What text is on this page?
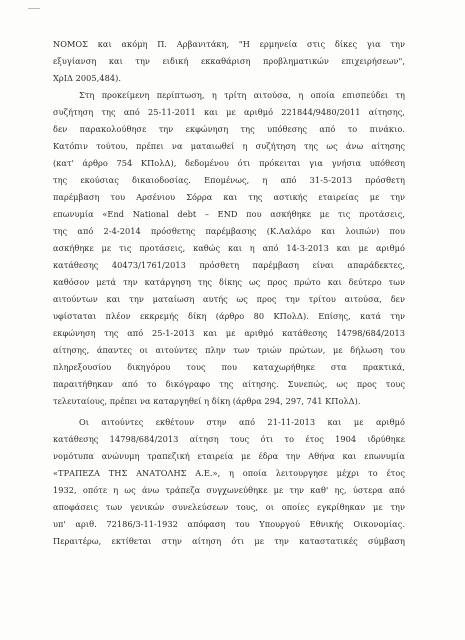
ΝΟΜΟΣ και ακόμη Π. Αρβανιτάκη, "Η ερμηνεία στις δίκες για την
εξυγίανση και την ειδική εκκαθάριση προβληματικών επιχειρήσεων",
ΧρΙΔ 2005,484).
Στη προκείμενη περίπτωση, η τρίτη αιτούσα, η οποία επισπεύδει τη
συζήτηση της από 25-11-2011 και με αριθμό 221844/9480/2011 αίτησης,
δεν παρακολούθησε την εκφώνηση της υπόθεσης από το πινάκιο.
Κατόπιν τούτου, πρέπει να ματαιωθεί η συζήτηση της ως άνω αίτησης
(κατ' άρθρο 754 ΚΠολΔ), δεδομένου ότι πρόκειται για γνήσια υπόθεση
της εκούσιας δικαιοδοσίας. Επομένως, η από 31-5-2013 πρόσθετη
παρέμβαση του Αρσένιου Σόρρα και της αστικής εταιρείας με την
επωνυμία «End National debt – END που ασκήθηκε με τις προτάσεις,
της από 2-4-2014 πρόσθετης παρέμβασης (Κ.Λαλάρο και λοιπών) που
ασκήθηκε με τις προτάσεις, καθώς και η από 14-3-2013 και με αριθμό
κατάθεσης 40473/1761/2013 πρόσθετη παρέμβαση είναι απαράδεκτες,
καθόσον μετά την κατάργηση της δίκης ως προς πρώτο και δεύτερο των
αιτούντων και την ματαίωση αυτής ως προς την τρίτου αιτούσα, δεν
υφίσταται πλέον εκκρεμής δίκη (άρθρο 80 ΚΠολΔ). Επίσης, κατά την
εκφώνηση της από 25-1-2013 και με αριθμό κατάθεσης 14798/684/2013
αίτησης, άπαντες οι αιτούντες πλην των τριών πρώτων, με δήλωση του
πληρεξουσίου δικηγόρου τους που καταχωρήθηκε στα πρακτικά,
παραιτήθηκαν από το δικόγραφο της αίτησης. Συνεπώς, ως προς τους
τελευταίους, πρέπει να καταργηθεί η δίκη (άρθρα 294, 297, 741 ΚΠολΔ).
Οι αιτούντες εκθέτουν στην από 21-11-2013 και με αριθμό
κατάθεσης 14798/684/2013 αίτηση τους ότι το έτος 1904 ιδρύθηκε
νομότυπα ανώνυμη τραπεζική εταιρεία με έδρα την Αθήνα και επωνυμία
«ΤΡΑΠΕΖΑ ΤΗΣ ΑΝΑΤΟΛΗΣ Α.Ε.», η οποία λειτουργησε μέχρι το έτος
1932, οπότε η ως άνω τράπεζα συγχωνεύθηκε με την καθ' ης, ύστερα από
αποφάσεις των γενικών συνελεύσεων τους, οι οποίες εγκρίθηκαν με την
υπ' αριθ. 72186/3-11-1932 απόφαση του Υπουργού Εθνικής Οικονομίας.
Περαιτέρω, εκτίθεται στην αίτηση ότι με την καταστατικές σύμβαση
